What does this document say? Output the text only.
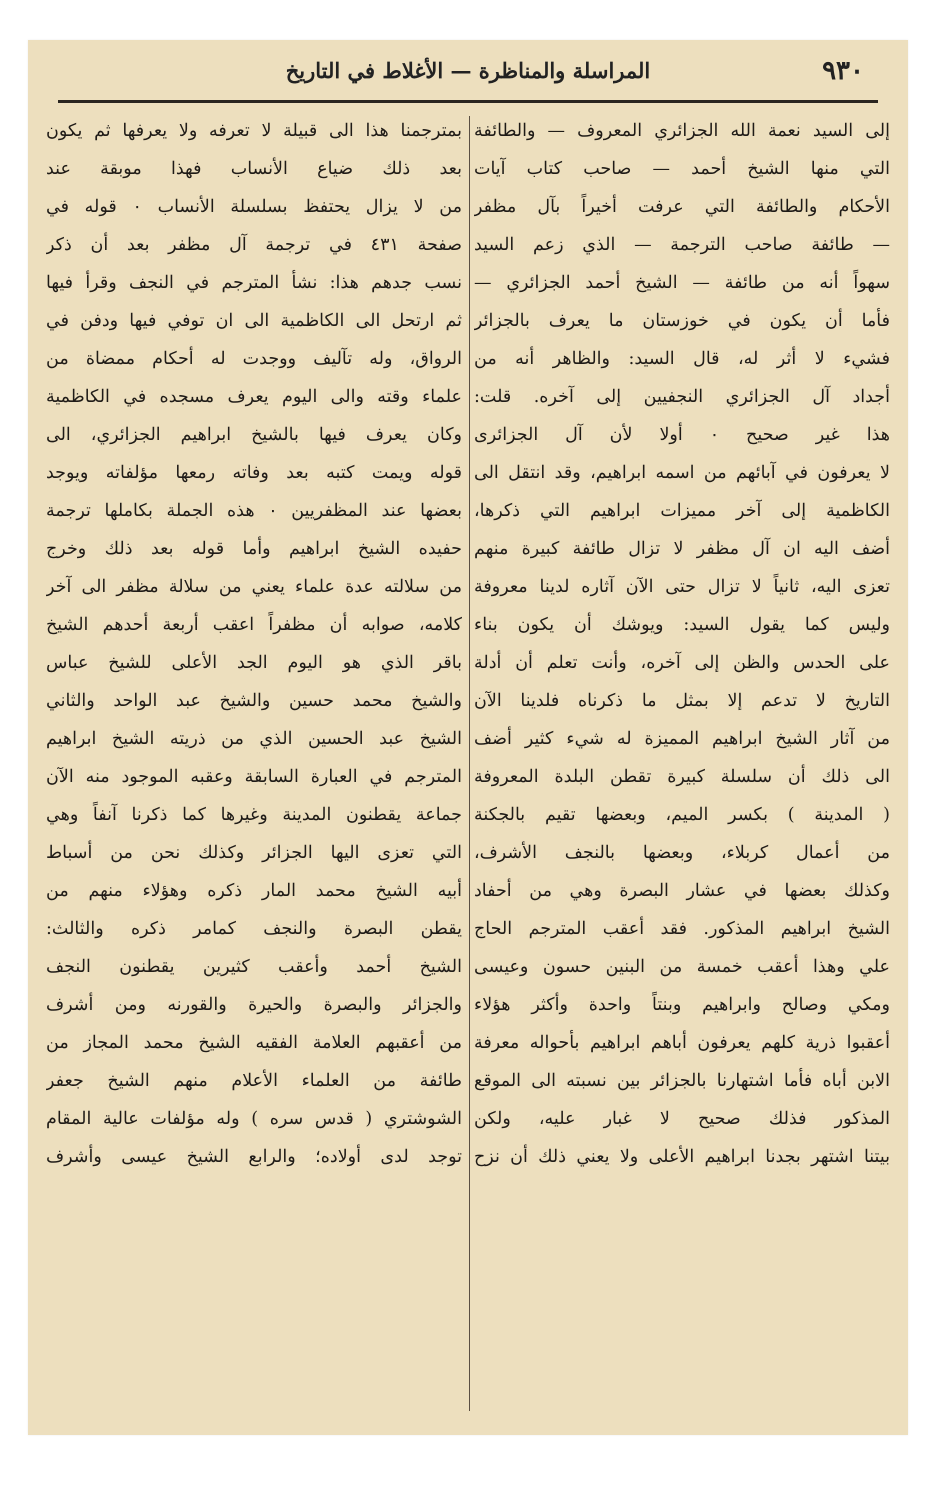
٩٣٠
المراسلة والمناظرة — الأغلاط في التاريخ
إلى السيد نعمة الله الجزائري المعروف — والطائفة
التي منها الشيخ أحمد — صاحب كتاب آيات
الأحكام والطائفة التي عرفت أخيراً بآل مظفر
— طائفة صاحب الترجمة — الذي زعم السيد
سهواً أنه من طائفة — الشيخ أحمد الجزائري —
فأما أن يكون في خوزستان ما يعرف بالجزائر
فشيء لا أثر له، قال السيد: والظاهر أنه من
أجداد آل الجزائري النجفيين إلى آخره. قلت:
هذا غير صحيح ٠ أولا لأن آل الجزائرى
لا يعرفون في آبائهم من اسمه ابراهيم، وقد انتقل الى
الكاظمية إلى آخر مميزات ابراهيم التي ذكرها،
أضف اليه ان آل مظفر لا تزال طائفة كبيرة منهم
تعزى اليه، ثانياً لا تزال حتى الآن آثاره لدينا معروفة
وليس كما يقول السيد: ويوشك أن يكون بناء
على الحدس والظن إلى آخره، وأنت تعلم أن أدلة
التاريخ لا تدعم إلا بمثل ما ذكرناه فلدينا الآن
من آثار الشيخ ابراهيم المميزة له شيء كثير أضف
الى ذلك أن سلسلة كبيرة تقطن البلدة المعروفة
( المدينة ) بكسر الميم، وبعضها تقيم بالجكنة
من أعمال كربلاء، وبعضها بالنجف الأشرف،
وكذلك بعضها في عشار البصرة وهي من أحفاد
الشيخ ابراهيم المذكور. فقد أعقب المترجم الحاج
علي وهذا أعقب خمسة من البنين حسون وعيسى
ومكي وصالح وابراهيم وبنتاً واحدة وأكثر هؤلاء
أعقبوا ذرية كلهم يعرفون أباهم ابراهيم بأحواله معرفة
الابن أباه فأما اشتهارنا بالجزائر بين نسبته الى الموقع
المذكور فذلك صحيح لا غبار عليه، ولكن
بيتنا اشتهر بجدنا ابراهيم الأعلى ولا يعني ذلك أن نزح
بمترجمنا هذا الى قبيلة لا تعرفه ولا يعرفها ثم يكون
بعد ذلك ضياع الأنساب فهذا موبقة عند
من لا يزال يحتفظ بسلسلة الأنساب ٠ قوله في
صفحة ٤٣١ في ترجمة آل مظفر بعد أن ذكر
نسب جدهم هذا: نشأ المترجم في النجف وقرأ فيها
ثم ارتحل الى الكاظمية الى ان توفي فيها ودفن في
الرواق، وله تآليف ووجدت له أحكام ممضاة من
علماء وقته والى اليوم يعرف مسجده في الكاظمية
وكان يعرف فيها بالشيخ ابراهيم الجزائري، الى
قوله ويمت كتبه بعد وفاته رمعها مؤلفاته ويوجد
بعضها عند المظفريين ٠ هذه الجملة بكاملها ترجمة
حفيده الشيخ ابراهيم وأما قوله بعد ذلك وخرج
من سلالته عدة علماء يعني من سلالة مظفر الى آخر
كلامه، صوابه أن مظفراً اعقب أربعة أحدهم الشيخ
باقر الذي هو اليوم الجد الأعلى للشيخ عباس
والشيخ محمد حسين والشيخ عبد الواحد والثاني
الشيخ عبد الحسين الذي من ذريته الشيخ ابراهيم
المترجم في العبارة السابقة وعقبه الموجود منه الآن
جماعة يقطنون المدينة وغيرها كما ذكرنا آنفاً وهي
التي تعزى اليها الجزائر وكذلك نحن من أسباط
أبيه الشيخ محمد المار ذكره وهؤلاء منهم من
يقطن البصرة والنجف كمامر ذكره والثالث:
الشيخ أحمد وأعقب كثيرين يقطنون النجف
والجزائر والبصرة والحيرة والقورنه ومن أشرف
من أعقبهم العلامة الفقيه الشيخ محمد المجاز من
طائفة من العلماء الأعلام منهم الشيخ جعفر
الشوشتري ( قدس سره ) وله مؤلفات عالية المقام
توجد لدى أولاده؛ والرابع الشيخ عيسى وأشرف
